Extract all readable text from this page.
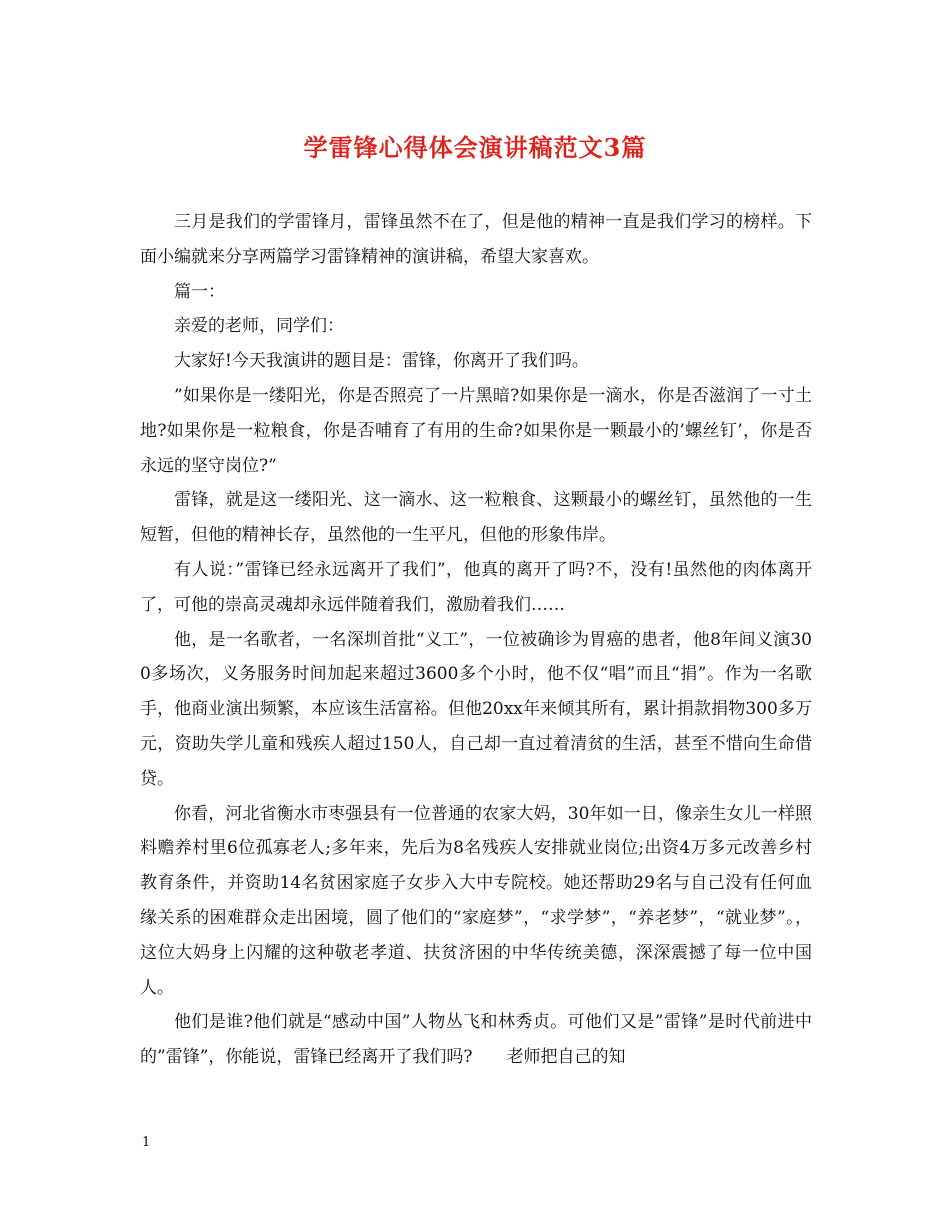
学雷锋心得体会演讲稿范文3篇

三月是我们的学雷锋月，雷锋虽然不在了，但是他的精神一直是我们学习的榜样。下面小编就来分享两篇学习雷锋精神的演讲稿，希望大家喜欢。

篇一：

亲爱的老师，同学们：

大家好!今天我演讲的题目是：雷锋，你离开了我们吗。

”如果你是一缕阳光，你是否照亮了一片黑暗?如果你是一滴水，你是否滋润了一寸土地?如果你是一粒粮食，你是否哺育了有用的生命?如果你是一颗最小的’螺丝钉’，你是否永远的坚守岗位?”

雷锋，就是这一缕阳光、这一滴水、这一粒粮食、这颗最小的螺丝钉，虽然他的一生短暂，但他的精神长存，虽然他的一生平凡，但他的形象伟岸。

有人说：”雷锋已经永远离开了我们”，他真的离开了吗?不，没有!虽然他的肉体离开了，可他的崇高灵魂却永远伴随着我们，激励着我们……

他，是一名歌者，一名深圳首批“义工”，一位被确诊为胃癌的患者，他8年间义演300多场次，义务服务时间加起来超过3600多个小时，他不仅“唱”而且“捐”。作为一名歌手，他商业演出频繁，本应该生活富裕。但他20xx年来倾其所有，累计捐款捐物300多万元，资助失学儿童和残疾人超过150人，自己却一直过着清贫的生活，甚至不惜向生命借贷。

你看，河北省衡水市枣强县有一位普通的农家大妈，30年如一日，像亲生女儿一样照料赡养村里6位孤寡老人;多年来，先后为8名残疾人安排就业岗位;出资4万多元改善乡村教育条件，并资助14名贫困家庭子女步入大中专院校。她还帮助29名与自己没有任何血缘关系的困难群众走出困境，圆了他们的“家庭梦”，“求学梦”，“养老梦”，“就业梦”。，这位大妈身上闪耀的这种敬老孝道、扶贫济困的中华传统美德，深深震撼了每一位中国人。

他们是谁?他们就是“感动中国”人物丛飞和林秀贞。可他们又是”雷锋”是时代前进中的”雷锋”，你能说，雷锋已经离开了我们吗?　　老师把自己的知

1
